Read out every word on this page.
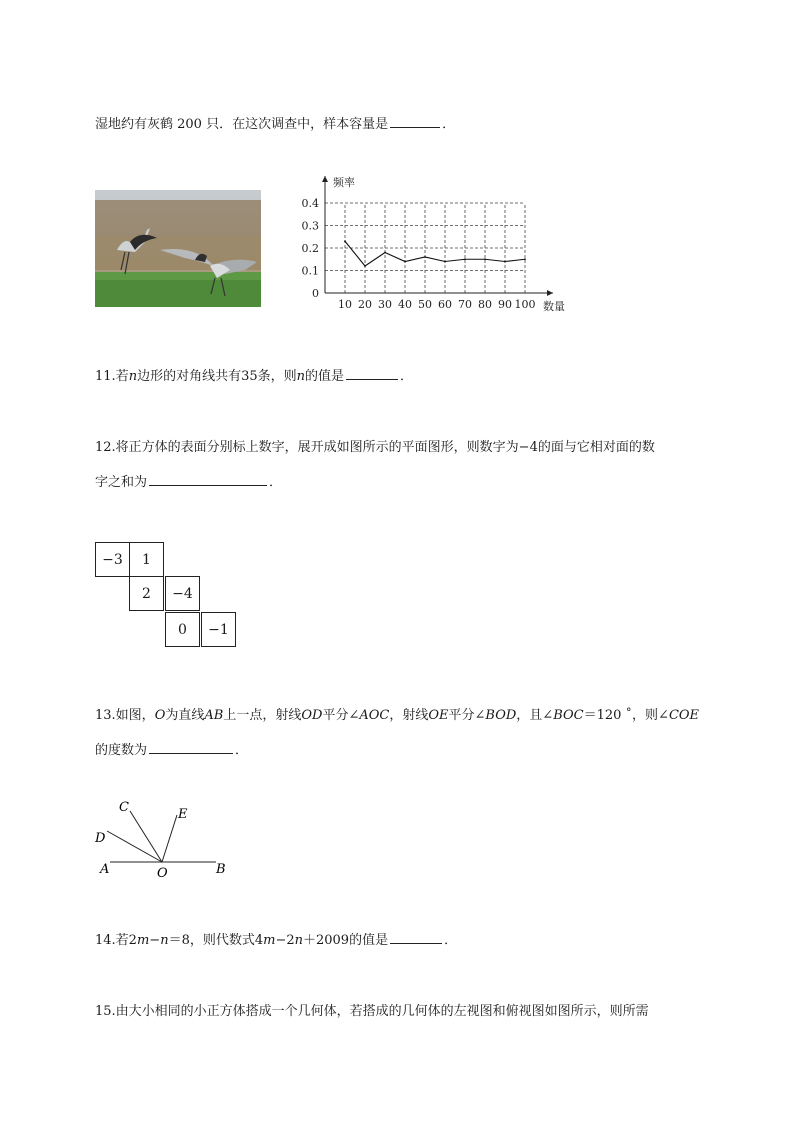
湿地约有灰鹤 200 只．在这次调查中，样本容量是	．
0
0.1
0.2
0.3
0.4
10 20 30 40 50 60 70 80 90 100
频率
数量
11.若n边形的对角线共有35条，则n的值是	．
12.将正方体的表面分别标上数字，展开成如图所示的平面图形，则数字为−4的面与它相对面的数
字之和为	．
−3	1
2	−4
0	−1
13.如图，O为直线AB上一点，射线OD平分∠AOC，射线OE平分∠BOD，且∠BOC＝120 ˚，则∠COE
的度数为	．
A	B
C
D
E
O
14.若2m−n＝8，则代数式4m−2n＋2009的值是	．
15.由大小相同的小正方体搭成一个几何体，若搭成的几何体的左视图和俯视图如图所示，则所需
